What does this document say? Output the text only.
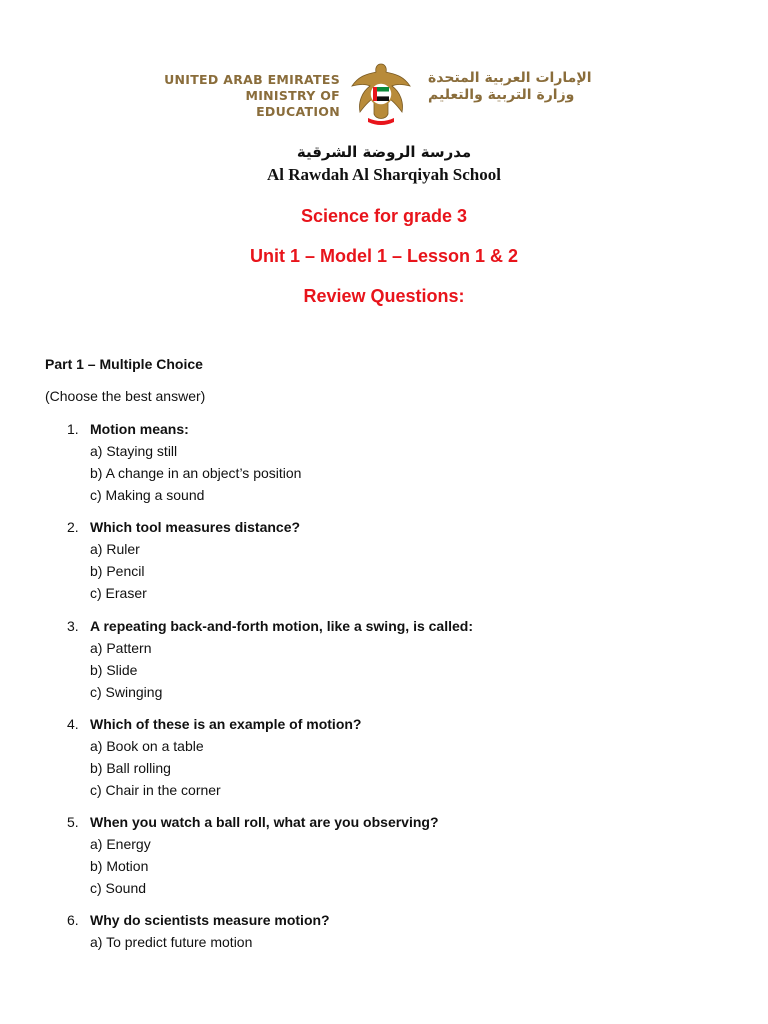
UNITED ARAB EMIRATES
MINISTRY OF EDUCATION
الإمارات العربية المتحدة
وزارة التربية والتعليم
مدرسة الروضة الشرقية
Al Rawdah Al Sharqiyah School
Science for grade 3
Unit 1 – Model 1 – Lesson 1 & 2
Review Questions:
Part 1 – Multiple Choice
(Choose the best answer)
1. Motion means:
a) Staying still
b) A change in an object’s position
c) Making a sound
2. Which tool measures distance?
a) Ruler
b) Pencil
c) Eraser
3. A repeating back-and-forth motion, like a swing, is called:
a) Pattern
b) Slide
c) Swinging
4. Which of these is an example of motion?
a) Book on a table
b) Ball rolling
c) Chair in the corner
5. When you watch a ball roll, what are you observing?
a) Energy
b) Motion
c) Sound
6. Why do scientists measure motion?
a) To predict future motion
